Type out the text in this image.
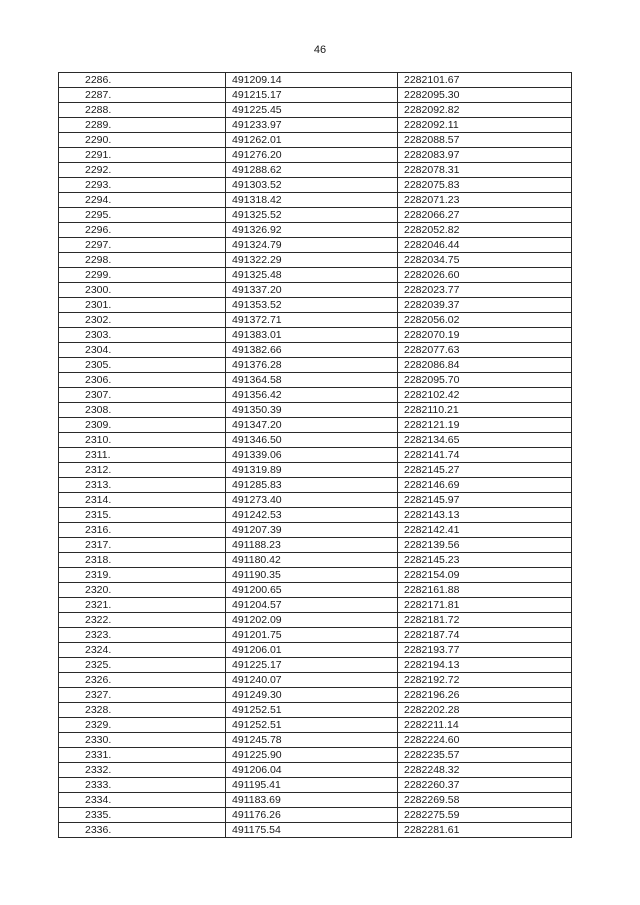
46
2286.	491209.14	2282101.67
2287.	491215.17	2282095.30
2288.	491225.45	2282092.82
2289.	491233.97	2282092.11
2290.	491262.01	2282088.57
2291.	491276.20	2282083.97
2292.	491288.62	2282078.31
2293.	491303.52	2282075.83
2294.	491318.42	2282071.23
2295.	491325.52	2282066.27
2296.	491326.92	2282052.82
2297.	491324.79	2282046.44
2298.	491322.29	2282034.75
2299.	491325.48	2282026.60
2300.	491337.20	2282023.77
2301.	491353.52	2282039.37
2302.	491372.71	2282056.02
2303.	491383.01	2282070.19
2304.	491382.66	2282077.63
2305.	491376.28	2282086.84
2306.	491364.58	2282095.70
2307.	491356.42	2282102.42
2308.	491350.39	2282110.21
2309.	491347.20	2282121.19
2310.	491346.50	2282134.65
2311.	491339.06	2282141.74
2312.	491319.89	2282145.27
2313.	491285.83	2282146.69
2314.	491273.40	2282145.97
2315.	491242.53	2282143.13
2316.	491207.39	2282142.41
2317.	491188.23	2282139.56
2318.	491180.42	2282145.23
2319.	491190.35	2282154.09
2320.	491200.65	2282161.88
2321.	491204.57	2282171.81
2322.	491202.09	2282181.72
2323.	491201.75	2282187.74
2324.	491206.01	2282193.77
2325.	491225.17	2282194.13
2326.	491240.07	2282192.72
2327.	491249.30	2282196.26
2328.	491252.51	2282202.28
2329.	491252.51	2282211.14
2330.	491245.78	2282224.60
2331.	491225.90	2282235.57
2332.	491206.04	2282248.32
2333.	491195.41	2282260.37
2334.	491183.69	2282269.58
2335.	491176.26	2282275.59
2336.	491175.54	2282281.61
